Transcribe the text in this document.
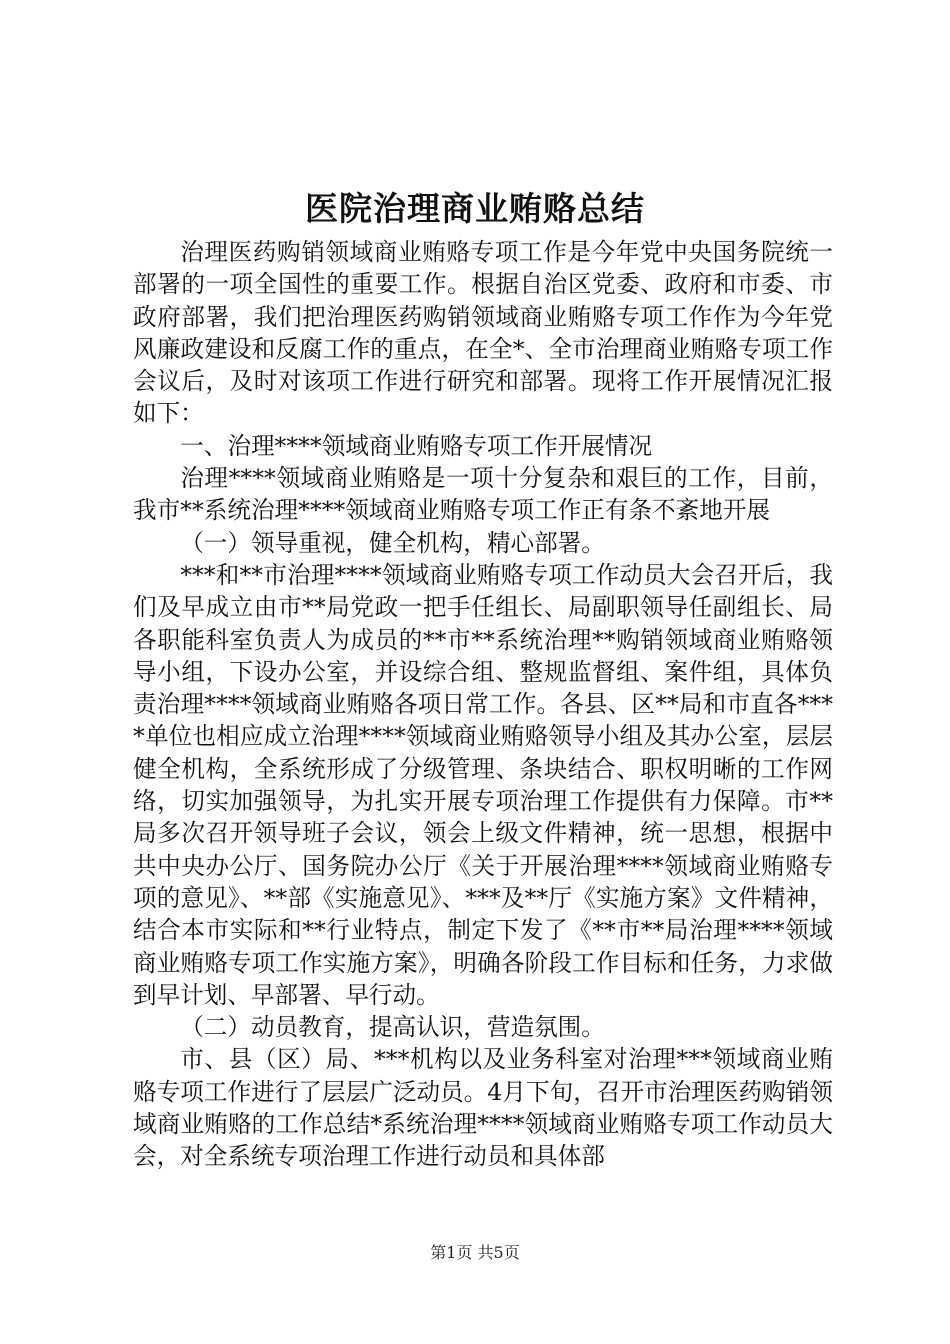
医院治理商业贿赂总结

治理医药购销领域商业贿赂专项工作是今年党中央国务院统一部署的一项全国性的重要工作。根据自治区党委、政府和市委、市政府部署，我们把治理医药购销领域商业贿赂专项工作作为今年党风廉政建设和反腐工作的重点，在全*、全市治理商业贿赂专项工作会议后，及时对该项工作进行研究和部署。现将工作开展情况汇报如下：

一、治理****领域商业贿赂专项工作开展情况

治理****领域商业贿赂是一项十分复杂和艰巨的工作，目前，我市**系统治理****领域商业贿赂专项工作正有条不紊地开展

（一）领导重视，健全机构，精心部署。

***和**市治理****领域商业贿赂专项工作动员大会召开后，我们及早成立由市**局党政一把手任组长、局副职领导任副组长、局各职能科室负责人为成员的**市**系统治理**购销领域商业贿赂领导小组，下设办公室，并设综合组、整规监督组、案件组，具体负责治理****领域商业贿赂各项日常工作。各县、区**局和市直各****单位也相应成立治理****领域商业贿赂领导小组及其办公室，层层健全机构，全系统形成了分级管理、条块结合、职权明晰的工作网络，切实加强领导，为扎实开展专项治理工作提供有力保障。市**局多次召开领导班子会议，领会上级文件精神，统一思想，根据中共中央办公厅、国务院办公厅《关于开展治理****领域商业贿赂专项的意见》、**部《实施意见》、***及**厅《实施方案》文件精神，结合本市实际和**行业特点，制定下发了《**市**局治理****领域商业贿赂专项工作实施方案》，明确各阶段工作目标和任务，力求做到早计划、早部署、早行动。

（二）动员教育，提高认识，营造氛围。

市、县（区）局、***机构以及业务科室对治理***领域商业贿赂专项工作进行了层层广泛动员。4月下旬，召开市治理医药购销领域商业贿赂的工作总结*系统治理****领域商业贿赂专项工作动员大会，对全系统专项治理工作进行动员和具体部

第1页 共5页
